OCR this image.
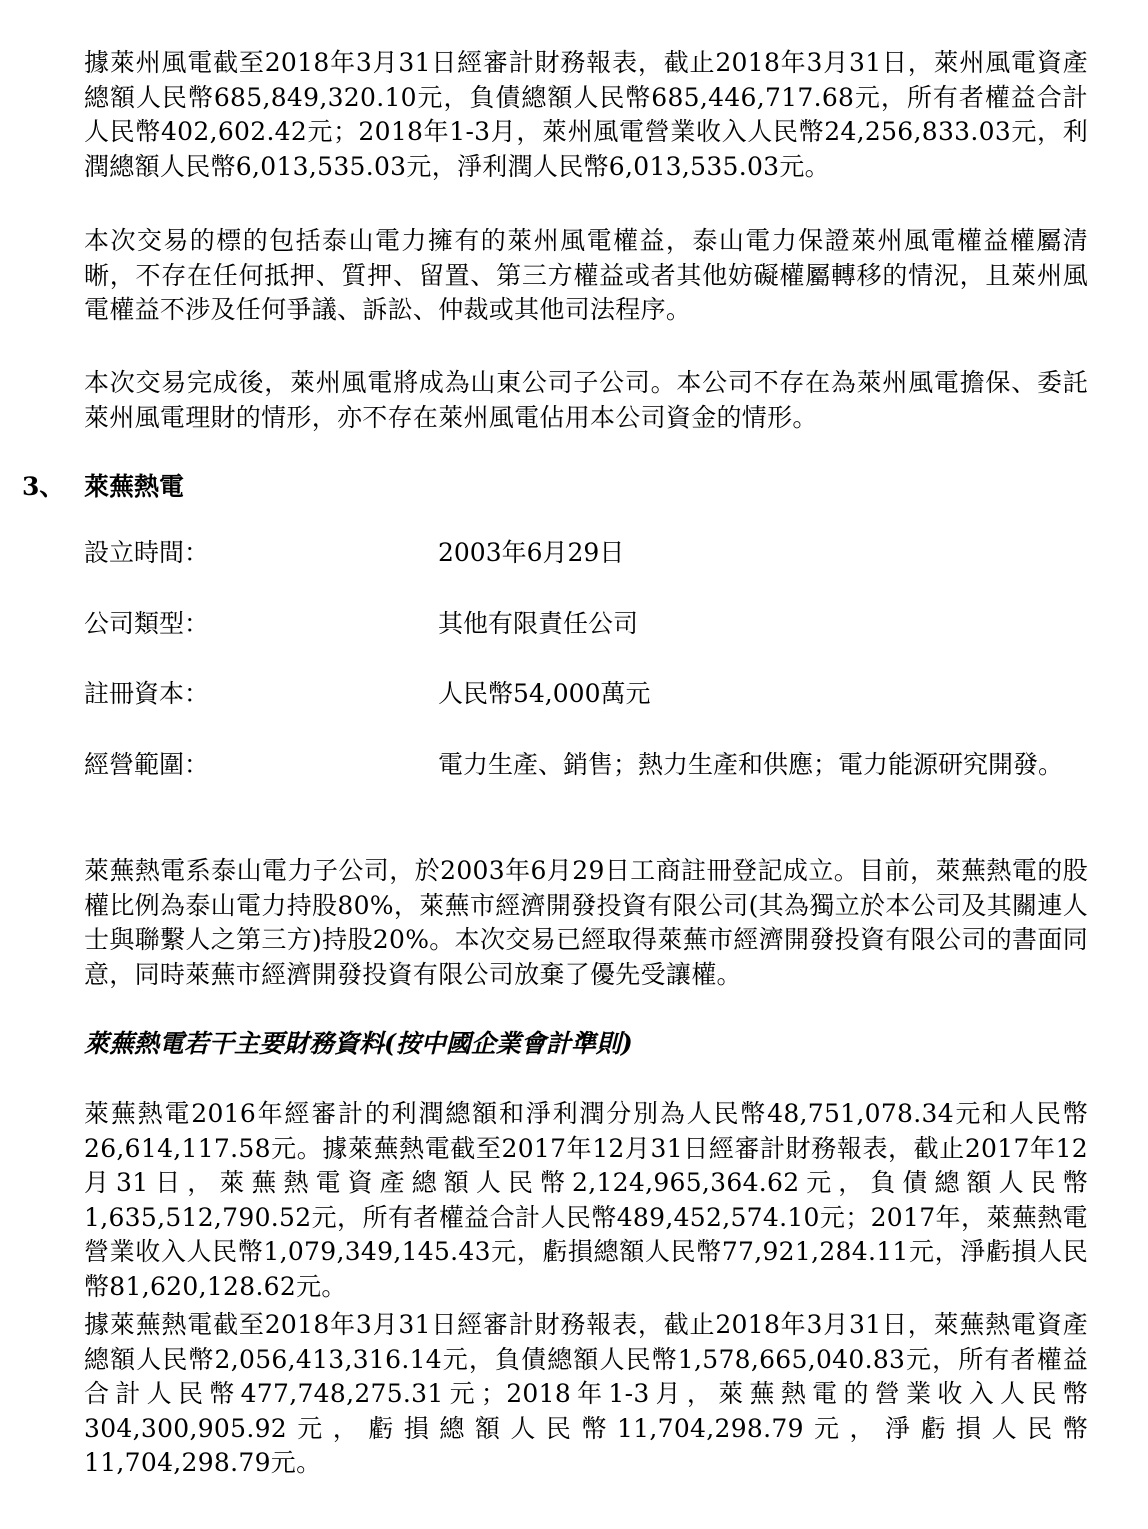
據萊州風電截至2018年3月31日經審計財務報表，截止2018年3月31日，萊州風電資產總額人民幣685,849,320.10元，負債總額人民幣685,446,717.68元，所有者權益合計人民幣402,602.42元；2018年1-3月，萊州風電營業收入人民幣24,256,833.03元，利潤總額人民幣6,013,535.03元，淨利潤人民幣6,013,535.03元。

本次交易的標的包括泰山電力擁有的萊州風電權益，泰山電力保證萊州風電權益權屬清晰，不存在任何抵押、質押、留置、第三方權益或者其他妨礙權屬轉移的情況，且萊州風電權益不涉及任何爭議、訴訟、仲裁或其他司法程序。

本次交易完成後，萊州風電將成為山東公司子公司。本公司不存在為萊州風電擔保、委託萊州風電理財的情形，亦不存在萊州風電佔用本公司資金的情形。

3、 萊蕪熱電
設立時間：	2003年6月29日
公司類型：	其他有限責任公司
註冊資本：	人民幣54,000萬元
經營範圍：	電力生產、銷售；熱力生產和供應；電力能源研究開發。

萊蕪熱電系泰山電力子公司，於2003年6月29日工商註冊登記成立。目前，萊蕪熱電的股權比例為泰山電力持股80%，萊蕪市經濟開發投資有限公司(其為獨立於本公司及其關連人士與聯繫人之第三方)持股20%。本次交易已經取得萊蕪市經濟開發投資有限公司的書面同意，同時萊蕪市經濟開發投資有限公司放棄了優先受讓權。

萊蕪熱電若干主要財務資料(按中國企業會計準則)

萊蕪熱電2016年經審計的利潤總額和淨利潤分別為人民幣48,751,078.34元和人民幣26,614,117.58元。據萊蕪熱電截至2017年12月31日經審計財務報表，截止2017年12月31日，萊蕪熱電資產總額人民幣2,124,965,364.62元，負債總額人民幣1,635,512,790.52元，所有者權益合計人民幣489,452,574.10元；2017年，萊蕪熱電營業收入人民幣1,079,349,145.43元，虧損總額人民幣77,921,284.11元，淨虧損人民幣81,620,128.62元。

據萊蕪熱電截至2018年3月31日經審計財務報表，截止2018年3月31日，萊蕪熱電資產總額人民幣2,056,413,316.14元，負債總額人民幣1,578,665,040.83元，所有者權益合計人民幣477,748,275.31元；2018年1-3月，萊蕪熱電的營業收入人民幣304,300,905.92元，虧損總額人民幣11,704,298.79元，淨虧損人民幣11,704,298.79元。
